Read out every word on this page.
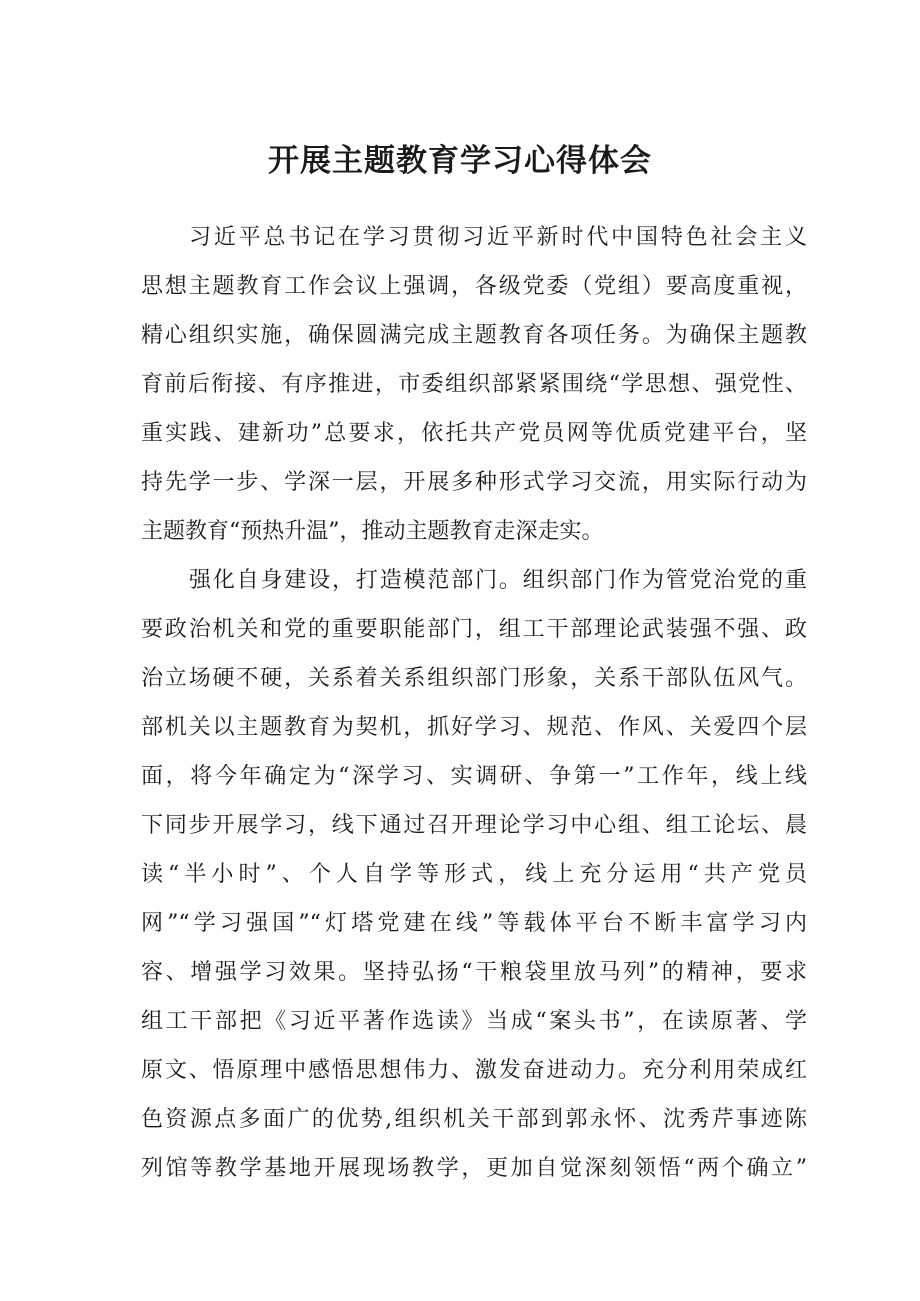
开展主题教育学习心得体会
习近平总书记在学习贯彻习近平新时代中国特色社会主义
思想主题教育工作会议上强调，各级党委（党组）要高度重视，
精心组织实施，确保圆满完成主题教育各项任务。为确保主题教
育前后衔接、有序推进，市委组织部紧紧围绕“学思想、强党性、
重实践、建新功”总要求，依托共产党员网等优质党建平台，坚
持先学一步、学深一层，开展多种形式学习交流，用实际行动为
主题教育“预热升温”，推动主题教育走深走实。
强化自身建设，打造模范部门。组织部门作为管党治党的重
要政治机关和党的重要职能部门，组工干部理论武装强不强、政
治立场硬不硬，关系着关系组织部门形象，关系干部队伍风气。
部机关以主题教育为契机，抓好学习、规范、作风、关爱四个层
面，将今年确定为“深学习、实调研、争第一”工作年，线上线
下同步开展学习，线下通过召开理论学习中心组、组工论坛、晨
读“半小时”、个人自学等形式，线上充分运用“共产党员
网”“学习强国”“灯塔党建在线”等载体平台不断丰富学习内
容、增强学习效果。坚持弘扬“干粮袋里放马列”的精神，要求
组工干部把《习近平著作选读》当成“案头书”，在读原著、学
原文、悟原理中感悟思想伟力、激发奋进动力。充分利用荣成红
色资源点多面广的优势,组织机关干部到郭永怀、沈秀芹事迹陈
列馆等教学基地开展现场教学，更加自觉深刻领悟“两个确立”
